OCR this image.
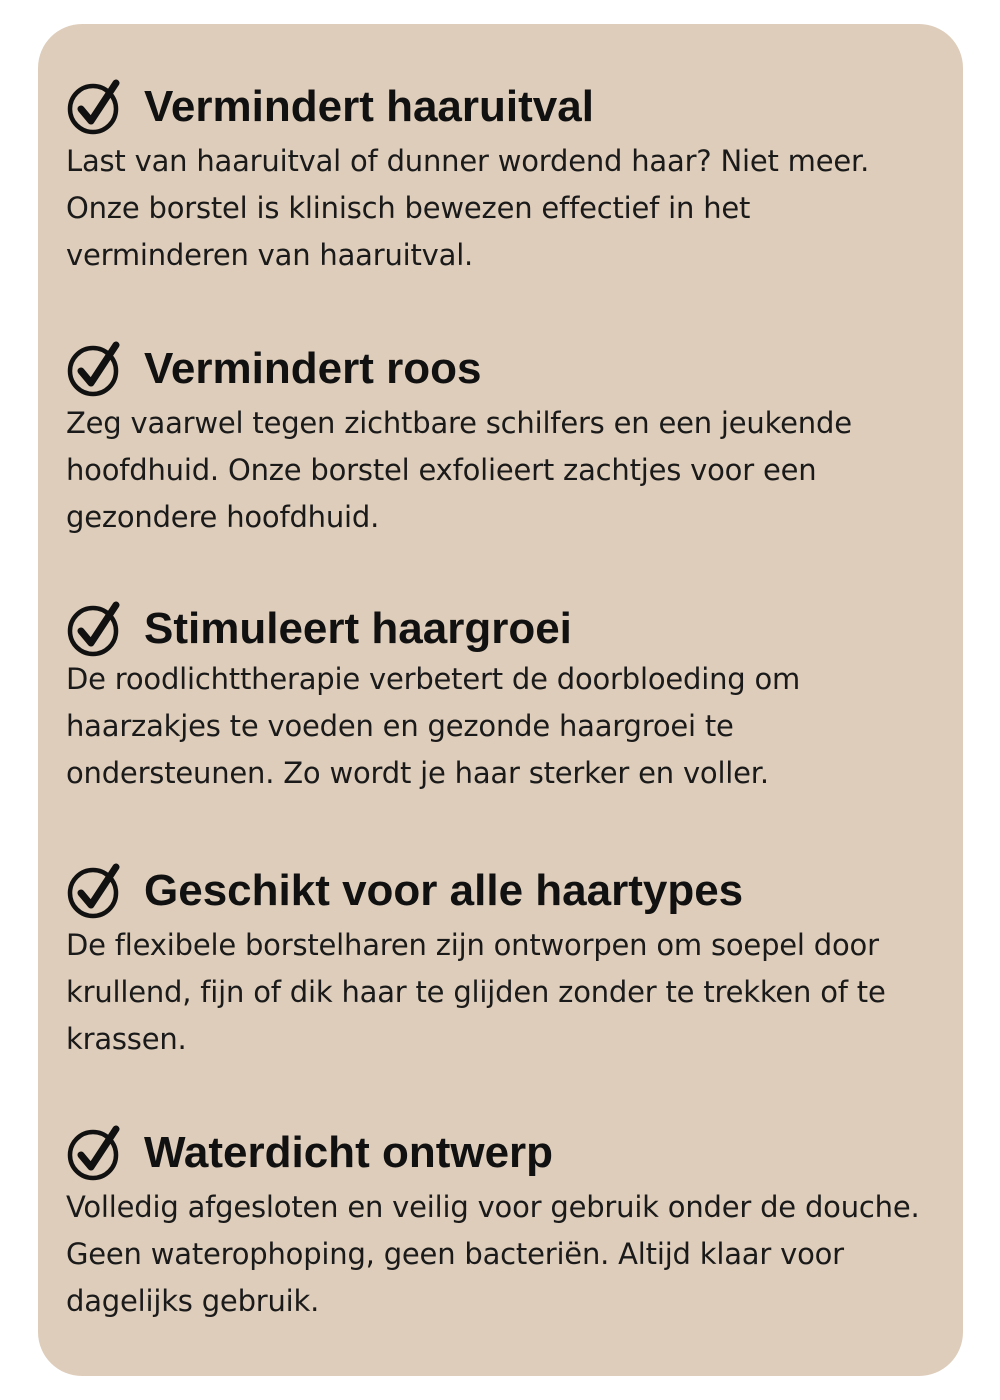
Vermindert haaruitval

Last van haaruitval of dunner wordend haar? Niet meer. Onze borstel is klinisch bewezen effectief in het verminderen van haaruitval.

Vermindert roos

Zeg vaarwel tegen zichtbare schilfers en een jeukende hoofdhuid. Onze borstel exfolieert zachtjes voor een gezondere hoofdhuid.

Stimuleert haargroei

De roodlichttherapie verbetert de doorbloeding om haarzakjes te voeden en gezonde haargroei te ondersteunen. Zo wordt je haar sterker en voller.

Geschikt voor alle haartypes

De flexibele borstelharen zijn ontworpen om soepel door krullend, fijn of dik haar te glijden zonder te trekken of te krassen.

Waterdicht ontwerp

Volledig afgesloten en veilig voor gebruik onder de douche. Geen waterophoping, geen bacteriën. Altijd klaar voor dagelijks gebruik.
